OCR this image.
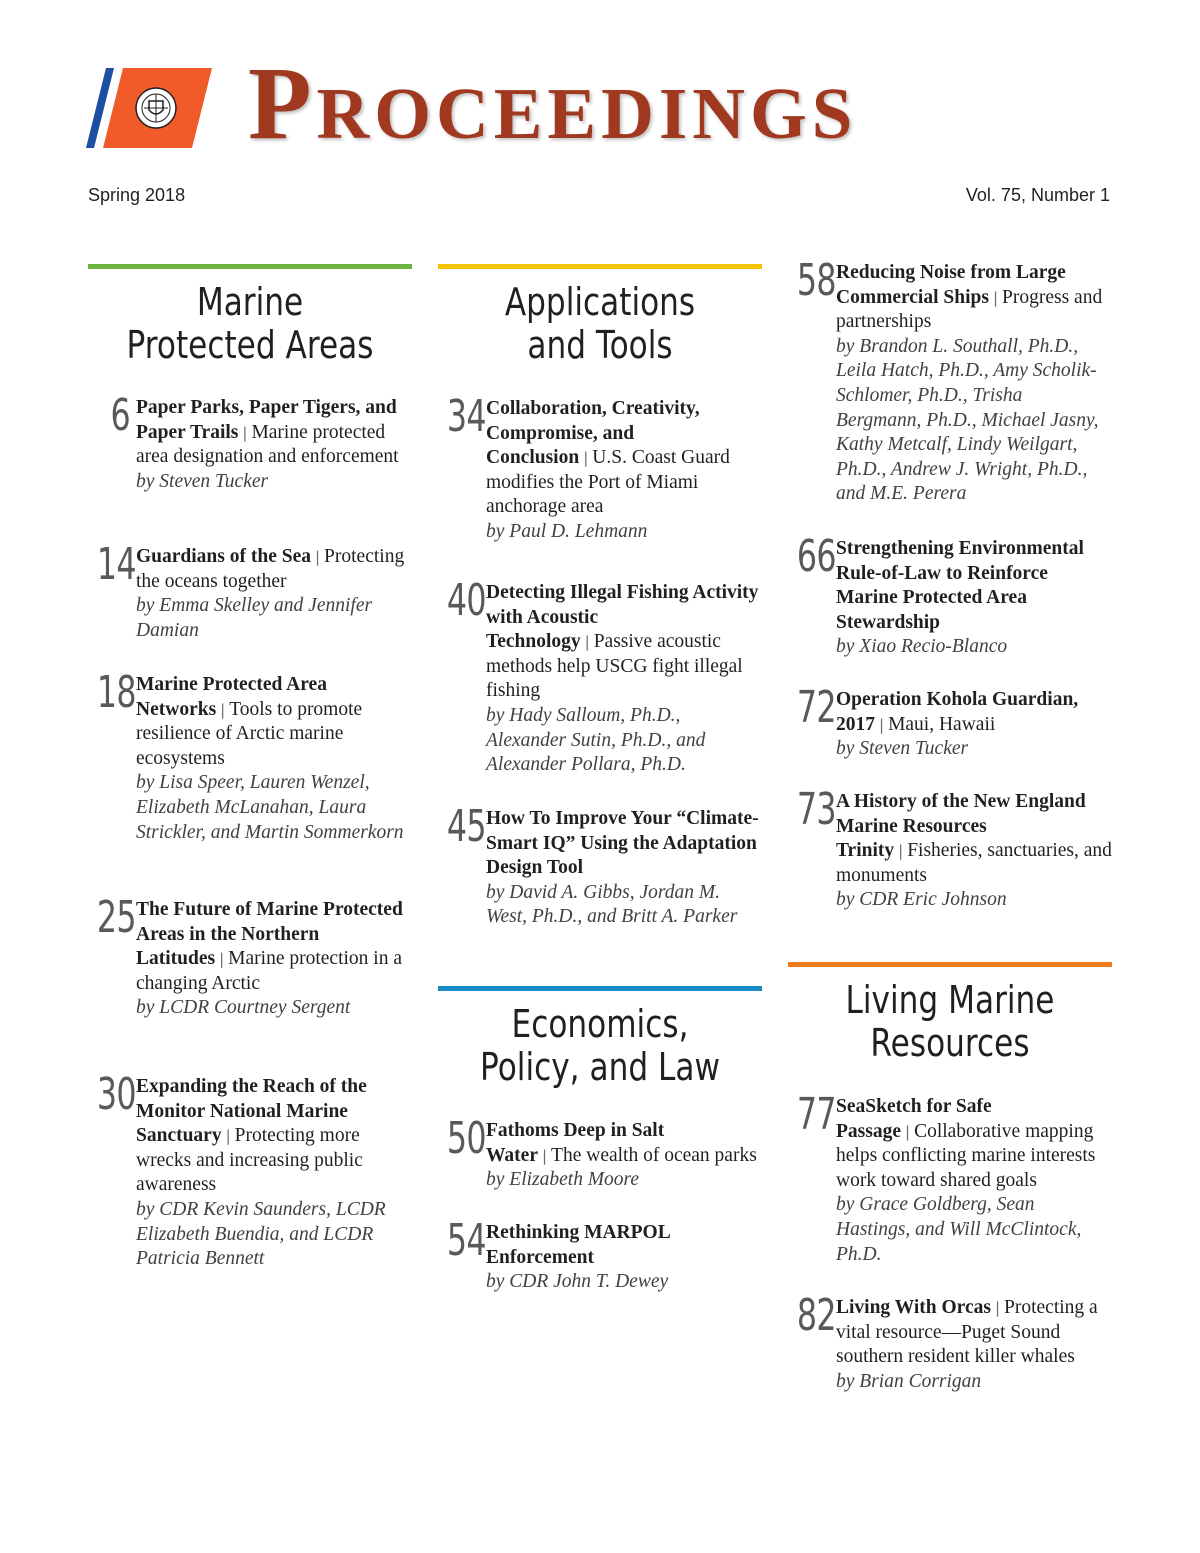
Proceedings
Spring 2018	Vol. 75, Number 1
Marine
Protected Areas
6 Paper Parks, Paper Tigers, and Paper Trails | Marine protected area designation and enforcement
by Steven Tucker
14 Guardians of the Sea | Protecting the oceans together
by Emma Skelley and Jennifer Damian
18 Marine Protected Area Networks | Tools to promote resilience of Arctic marine ecosystems
by Lisa Speer, Lauren Wenzel, Elizabeth McLanahan, Laura Strickler, and Martin Sommerkorn
25 The Future of Marine Protected Areas in the Northern Latitudes | Marine protection in a changing Arctic
by LCDR Courtney Sergent
30 Expanding the Reach of the Monitor National Marine Sanctuary | Protecting more wrecks and increasing public awareness
by CDR Kevin Saunders, LCDR Elizabeth Buendia, and LCDR Patricia Bennett
Applications
and Tools
34 Collaboration, Creativity, Compromise, and Conclusion | U.S. Coast Guard modifies the Port of Miami anchorage area
by Paul D. Lehmann
40 Detecting Illegal Fishing Activity with Acoustic Technology | Passive acoustic methods help USCG fight illegal fishing
by Hady Salloum, Ph.D., Alexander Sutin, Ph.D., and Alexander Pollara, Ph.D.
45 How To Improve Your “Climate-Smart IQ” Using the Adaptation Design Tool
by David A. Gibbs, Jordan M. West, Ph.D., and Britt A. Parker
Economics,
Policy, and Law
50 Fathoms Deep in Salt Water | The wealth of ocean parks
by Elizabeth Moore
54 Rethinking MARPOL Enforcement
by CDR John T. Dewey
58 Reducing Noise from Large Commercial Ships | Progress and partnerships
by Brandon L. Southall, Ph.D., Leila Hatch, Ph.D., Amy Scholik-Schlomer, Ph.D., Trisha Bergmann, Ph.D., Michael Jasny, Kathy Metcalf, Lindy Weilgart, Ph.D., Andrew J. Wright, Ph.D., and M.E. Perera
66 Strengthening Environmental Rule-of-Law to Reinforce Marine Protected Area Stewardship
by Xiao Recio-Blanco
72 Operation Kohola Guardian, 2017 | Maui, Hawaii
by Steven Tucker
73 A History of the New England Marine Resources Trinity | Fisheries, sanctuaries, and monuments
by CDR Eric Johnson
Living Marine
Resources
77 SeaSketch for Safe Passage | Collaborative mapping helps conflicting marine interests work toward shared goals
by Grace Goldberg, Sean Hastings, and Will McClintock, Ph.D.
82 Living With Orcas | Protecting a vital resource—Puget Sound southern resident killer whales
by Brian Corrigan
